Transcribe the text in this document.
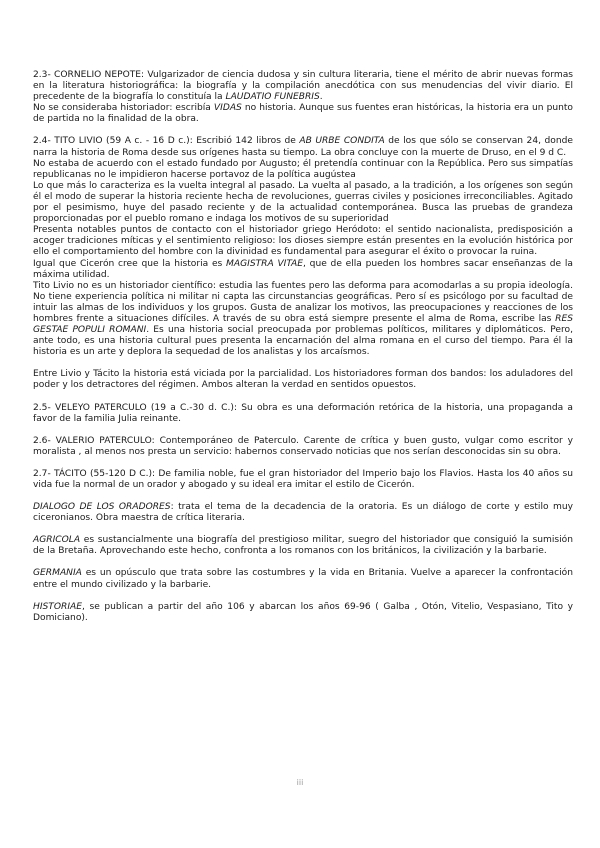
2.3- CORNELIO NEPOTE: Vulgarizador de ciencia dudosa y sin cultura literaria, tiene el mérito de abrir nuevas formas en la literatura historiográfica: la biografía y la compilación anecdótica con sus menudencias del vivir diario. El precedente de la biografía lo constituía la LAUDATIO FUNEBRIS.

No se consideraba historiador: escribía VIDAS no historia. Aunque sus fuentes eran históricas, la historia era un punto de partida no la finalidad de la obra.

2.4- TITO LIVIO (59 A c. - 16 D c.): Escribió 142 libros de AB URBE CONDITA de los que sólo se conservan 24, donde narra la historia de Roma desde sus orígenes hasta su tiempo. La obra concluye con la muerte de Druso, en el 9 d C.

No estaba de acuerdo con el estado fundado por Augusto; él pretendía continuar con la República. Pero sus simpatías republicanas no le impidieron hacerse portavoz de la política augústea

Lo que más lo caracteriza es la vuelta integral al pasado. La vuelta al pasado, a la tradición, a los orígenes son según él el modo de superar la historia reciente hecha de revoluciones, guerras civiles y posiciones irreconciliables. Agitado por el pesimismo, huye del pasado reciente y de la actualidad contemporánea. Busca las pruebas de grandeza proporcionadas por el pueblo romano e indaga los motivos de su superioridad

Presenta notables puntos de contacto con el historiador griego Heródoto: el sentido nacionalista, predisposición a acoger tradiciones míticas y el sentimiento religioso: los dioses siempre están presentes en la evolución histórica por ello el comportamiento del hombre con la divinidad es fundamental para asegurar el éxito o provocar la ruina.

Igual que Cicerón cree que la historia es MAGISTRA VITAE, que de ella pueden los hombres sacar enseñanzas de la máxima utilidad.

Tito Livio no es un historiador científico: estudia las fuentes pero las deforma para acomodarlas a su propia ideología. No tiene experiencia política ni militar ni capta las circunstancias geográficas. Pero sí es psicólogo por su facultad de intuir las almas de los individuos y los grupos. Gusta de analizar los motivos, las preocupaciones y reacciones de los hombres frente a situaciones difíciles. A través de su obra está siempre presente el alma de Roma, escribe las RES GESTAE POPULI ROMANI. Es una historia social preocupada por problemas políticos, militares y diplomáticos. Pero, ante todo, es una historia cultural pues presenta la encarnación del alma romana en el curso del tiempo. Para él la historia es un arte y deplora la sequedad de los analistas y los arcaísmos.

Entre Livio y Tácito la historia está viciada por la parcialidad. Los historiadores forman dos bandos: los aduladores del poder y los detractores del régimen. Ambos alteran la verdad en sentidos opuestos.

2.5- VELEYO PATERCULO (19 a C.-30 d. C.): Su obra es una deformación retórica de la historia, una propaganda a favor de la familia Julia reinante.

2.6- VALERIO PATERCULO: Contemporáneo de Paterculo. Carente de crítica y buen gusto, vulgar como escritor y moralista , al menos nos presta un servicio: habernos conservado noticias que nos serían desconocidas sin su obra.

2.7- TÁCITO (55-120 D C.): De familia noble, fue el gran historiador del Imperio bajo los Flavios. Hasta los 40 años su vida fue la normal de un orador y abogado y su ideal era imitar el estilo de Cicerón.

DIALOGO DE LOS ORADORES: trata el tema de la decadencia de la oratoria. Es un diálogo de corte y estilo muy ciceronianos. Obra maestra de crítica literaria.

AGRICOLA es sustancialmente una biografía del prestigioso militar, suegro del historiador que consiguió la sumisión de la Bretaña. Aprovechando este hecho, confronta a los romanos con los británicos, la civilización y la barbarie.

GERMANIA es un opúsculo que trata sobre las costumbres y la vida en Britania. Vuelve a aparecer la confrontación entre el mundo civilizado y la barbarie.

HISTORIAE, se publican a partir del año 106 y abarcan los años 69-96 ( Galba , Otón, Vitelio, Vespasiano, Tito y Domiciano).

iii
